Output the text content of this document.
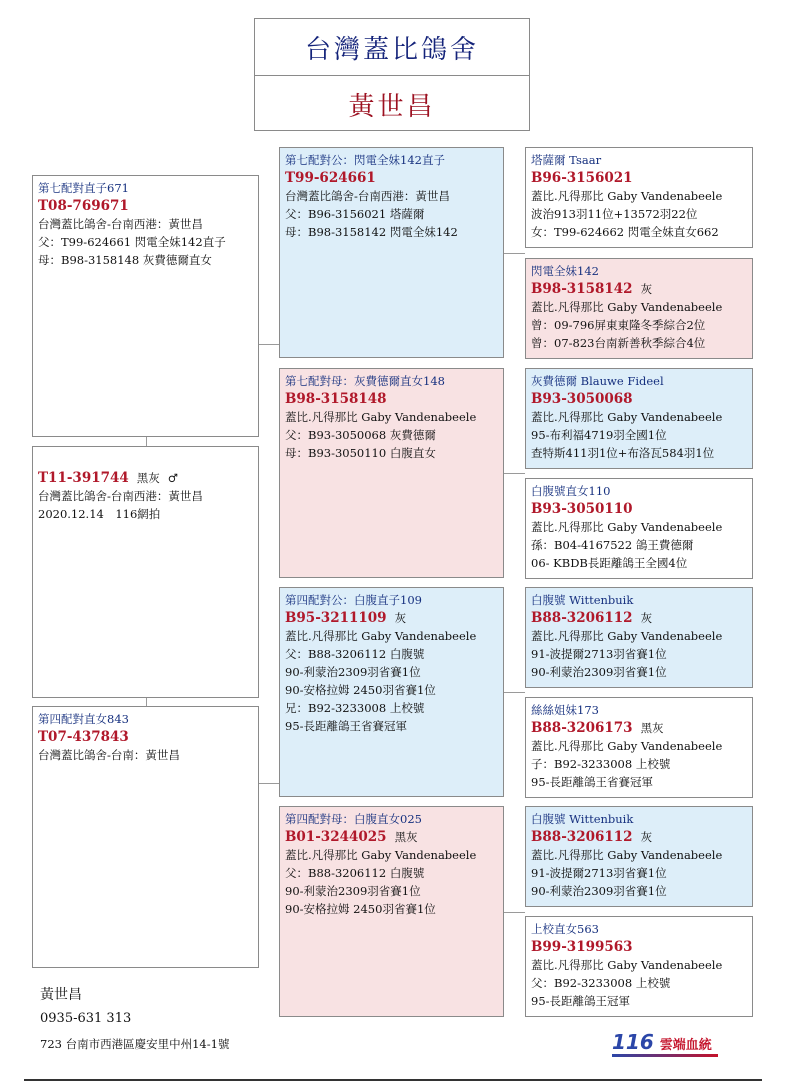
台灣蓋比鴿舍
黃世昌
第七配對直子671
T08-769671
台灣蓋比鴿舍-台南西港：黃世昌
父：T99-624661 閃電全妹142直子
母：B98-3158148 灰費德爾直女
T11-391744 黑灰 ♂
台灣蓋比鴿舍-台南西港：黃世昌
2020.12.14　116網拍
第四配對直女843
T07-437843
台灣蓋比鴿舍-台南：黃世昌
第七配對公：閃電全妹142直子
T99-624661
台灣蓋比鴿舍-台南西港：黃世昌
父：B96-3156021 塔薩爾
母：B98-3158142 閃電全妹142
第七配對母：灰費德爾直女148
B98-3158148
蓋比.凡得那比 Gaby Vandenabeele
父：B93-3050068 灰費德爾
母：B93-3050110 白腹直女
第四配對公：白腹直子109
B95-3211109 灰
蓋比.凡得那比 Gaby Vandenabeele
父：B88-3206112 白腹號
90-利蒙治2309羽省賽1位
90-安格拉姆 2450羽省賽1位
兄：B92-3233008 上校號
95-長距離鴿王省賽冠軍
第四配對母：白腹直女025
B01-3244025 黑灰
蓋比.凡得那比 Gaby Vandenabeele
父：B88-3206112 白腹號
90-利蒙治2309羽省賽1位
90-安格拉姆 2450羽省賽1位
塔薩爾 Tsaar
B96-3156021
蓋比.凡得那比 Gaby Vandenabeele
波治913羽11位+13572羽22位
女：T99-624662 閃電全妹直女662
閃電全妹142
B98-3158142 灰
蓋比.凡得那比 Gaby Vandenabeele
曾：09-796屏東東隆冬季綜合2位
曾：07-823台南新善秋季綜合4位
灰費德爾 Blauwe Fideel
B93-3050068
蓋比.凡得那比 Gaby Vandenabeele
95-布利福4719羽全國1位
查特斯411羽1位+布洛瓦584羽1位
白腹號直女110
B93-3050110
蓋比.凡得那比 Gaby Vandenabeele
孫：B04-4167522 鴿王費德爾
06- KBDB長距離鴿王全國4位
白腹號 Wittenbuik
B88-3206112 灰
蓋比.凡得那比 Gaby Vandenabeele
91-波提爾2713羽省賽1位
90-利蒙治2309羽省賽1位
絲絲姐妹173
B88-3206173 黑灰
蓋比.凡得那比 Gaby Vandenabeele
子：B92-3233008 上校號
95-長距離鴿王省賽冠軍
白腹號 Wittenbuik
B88-3206112 灰
蓋比.凡得那比 Gaby Vandenabeele
91-波提爾2713羽省賽1位
90-利蒙治2309羽省賽1位
上校直女563
B99-3199563
蓋比.凡得那比 Gaby Vandenabeele
父：B92-3233008 上校號
95-長距離鴿王冠軍
黃世昌
0935-631 313
723 台南市西港區慶安里中州14-1號	116 雲端血統
